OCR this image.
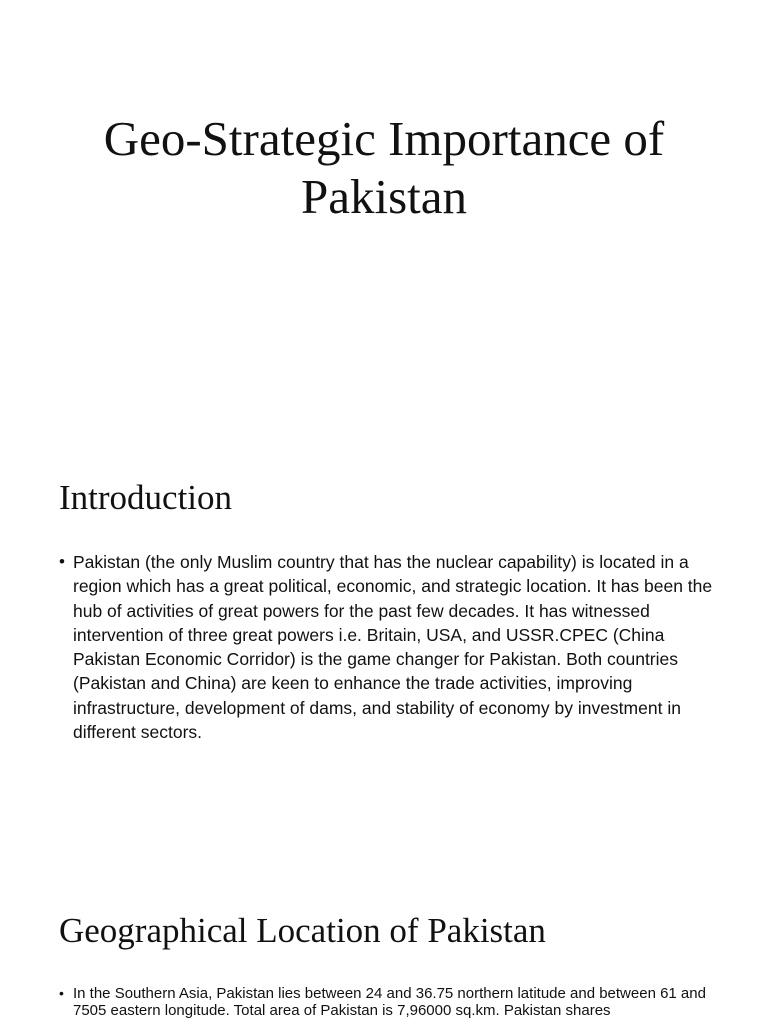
Geo-Strategic Importance of Pakistan
Introduction
• Pakistan (the only Muslim country that has the nuclear capability) is located in a region which has a great political, economic, and strategic location. It has been the hub of activities of great powers for the past few decades. It has witnessed intervention of three great powers i.e. Britain, USA, and USSR.CPEC (China Pakistan Economic Corridor) is the game changer for Pakistan. Both countries (Pakistan and China) are keen to enhance the trade activities, improving infrastructure, development of dams, and stability of economy by investment in different sectors.
Geographical Location of Pakistan
• In the Southern Asia, Pakistan lies between 24 and 36.75 northern latitude and between 61 and 7505 eastern longitude. Total area of Pakistan is 7,96000 sq.km. Pakistan shares
